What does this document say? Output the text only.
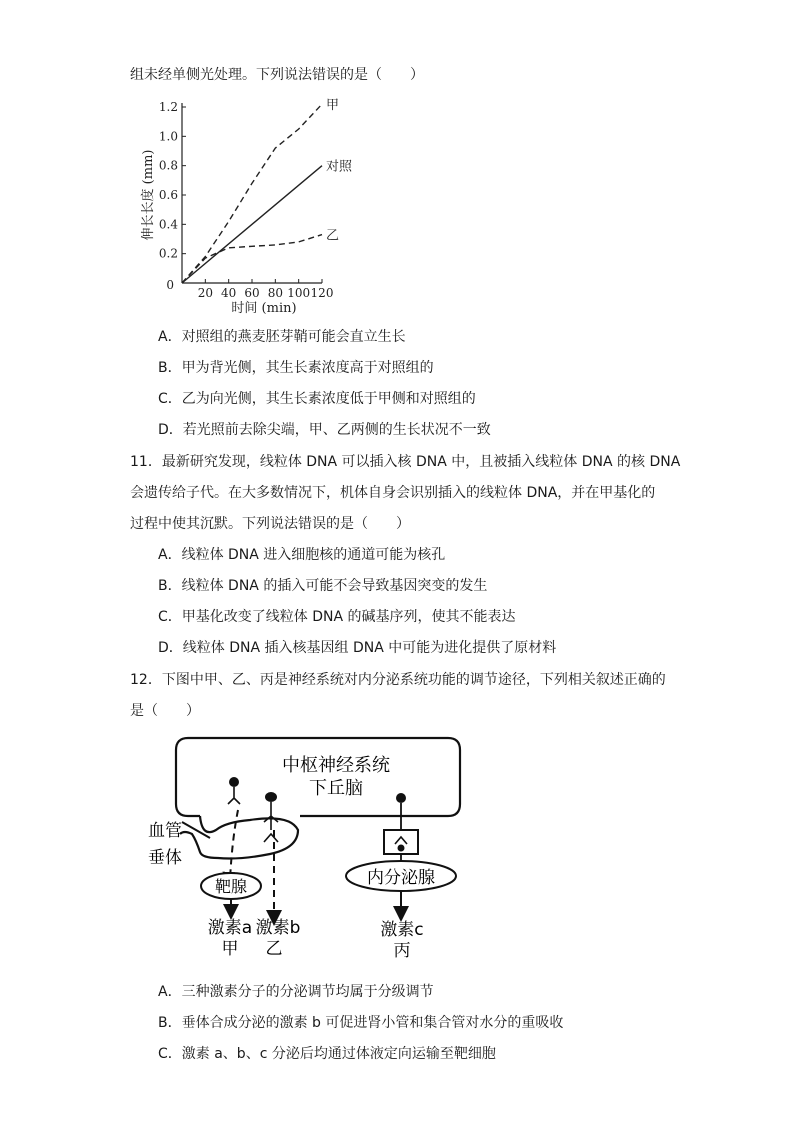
组未经单侧光处理。下列说法错误的是（　　）
0.2
0.4
0.6
0.8
1.0
1.2
20 40 60 80 100 120
0
时间 (min)
伸长长度 (mm)
甲
对照
乙
A．对照组的燕麦胚芽鞘可能会直立生长
B．甲为背光侧，其生长素浓度高于对照组的
C．乙为向光侧，其生长素浓度低于甲侧和对照组的
D．若光照前去除尖端，甲、乙两侧的生长状况不一致
11．最新研究发现，线粒体 DNA 可以插入核 DNA 中，且被插入线粒体 DNA 的核 DNA
会遗传给子代。在大多数情况下，机体自身会识别插入的线粒体 DNA，并在甲基化的
过程中使其沉默。下列说法错误的是（　　）
A．线粒体 DNA 进入细胞核的通道可能为核孔
B．线粒体 DNA 的插入可能不会导致基因突变的发生
C．甲基化改变了线粒体 DNA 的碱基序列，使其不能表达
D．线粒体 DNA 插入核基因组 DNA 中可能为进化提供了原材料
12．下图中甲、乙、丙是神经系统对内分泌系统功能的调节途径，下列相关叙述正确的
是（　　）
中枢神经系统
下丘脑
血管
垂体
靶腺	内分泌腺
激素a
甲
激素b
乙
激素c
丙
A．三种激素分子的分泌调节均属于分级调节
B．垂体合成分泌的激素 b 可促进肾小管和集合管对水分的重吸收
C．激素 a、b、c 分泌后均通过体液定向运输至靶细胞
